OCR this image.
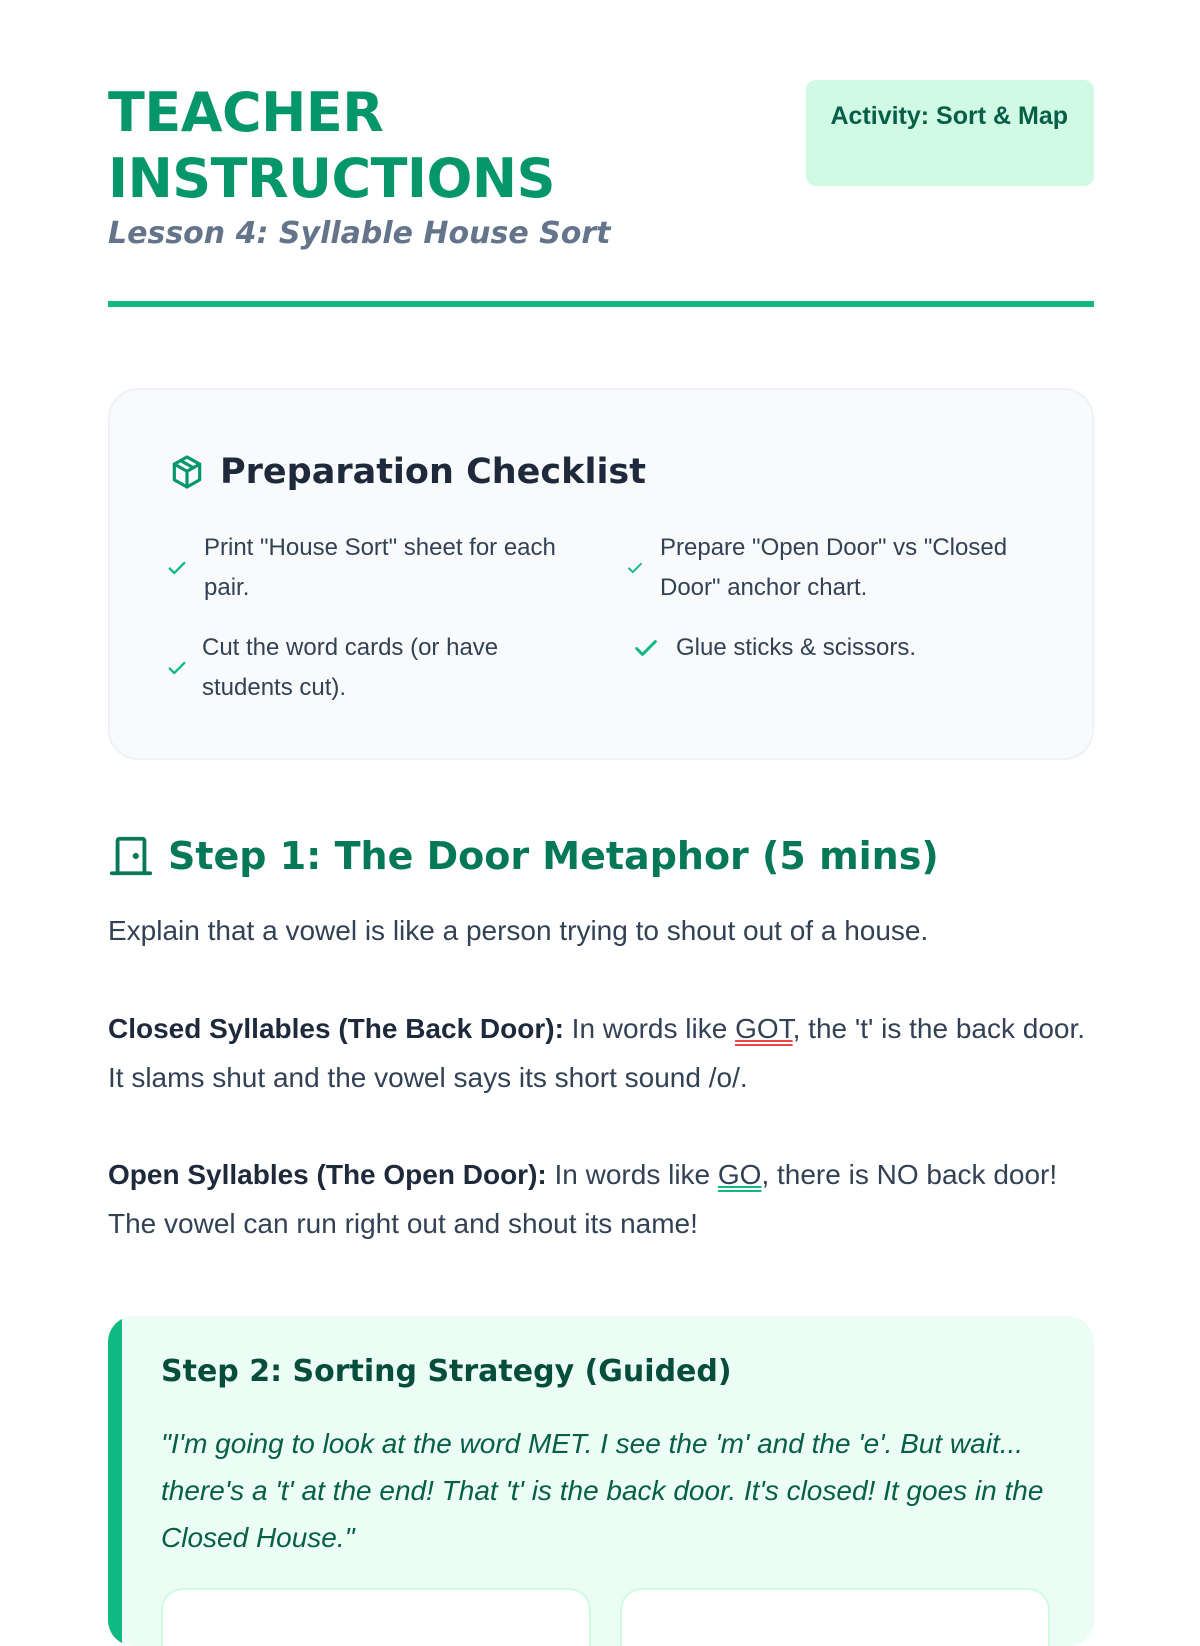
TEACHER INSTRUCTIONS

Lesson 4: Syllable House Sort

Activity: Sort & Map
Preparation Checklist
Print "House Sort" sheet for each pair.
Prepare "Open Door" vs "Closed Door" anchor chart.
Cut the word cards (or have students cut).
Glue sticks & scissors.
Step 1: The Door Metaphor (5 mins)

Explain that a vowel is like a person trying to shout out of a house.

Closed Syllables (The Back Door): In words like GOT, the 't' is the back door. It slams shut and the vowel says its short sound /o/.

Open Syllables (The Open Door): In words like GO, there is NO back door! The vowel can run right out and shout its name!

Step 2: Sorting Strategy (Guided)

"I'm going to look at the word MET. I see the 'm' and the 'e'. But wait... there's a 't' at the end! That 't' is the back door. It's closed! It goes in the Closed House."
